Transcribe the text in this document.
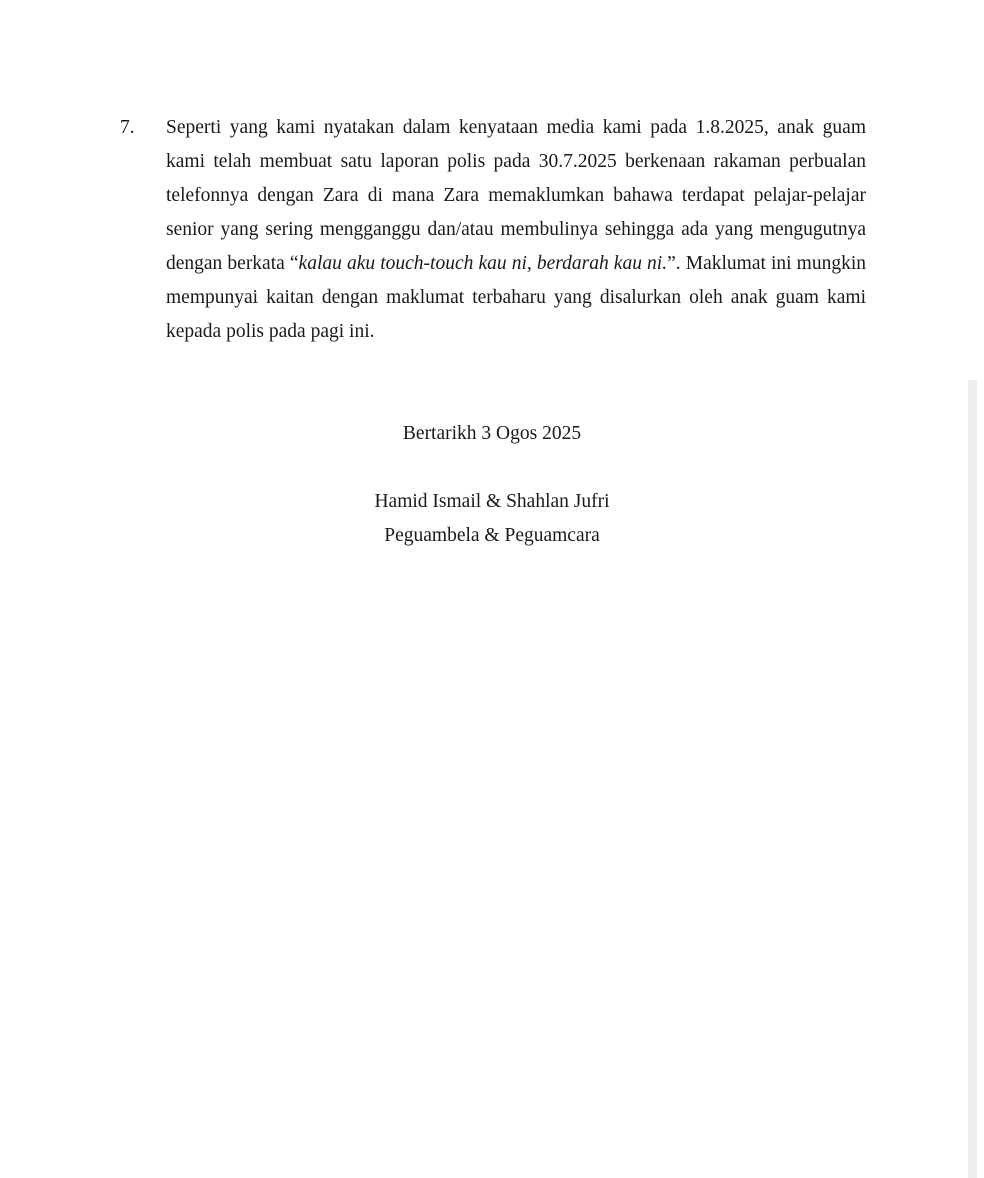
7.	Seperti yang kami nyatakan dalam kenyataan media kami pada 1.8.2025, anak guam kami telah membuat satu laporan polis pada 30.7.2025 berkenaan rakaman perbualan telefonnya dengan Zara di mana Zara memaklumkan bahawa terdapat pelajar-pelajar senior yang sering mengganggu dan/atau membulinya sehingga ada yang mengugutnya dengan berkata “kalau aku touch-touch kau ni, berdarah kau ni.”. Maklumat ini mungkin mempunyai kaitan dengan maklumat terbaharu yang disalurkan oleh anak guam kami kepada polis pada pagi ini.
Bertarikh 3 Ogos 2025
Hamid Ismail & Shahlan Jufri
Peguambela & Peguamcara
